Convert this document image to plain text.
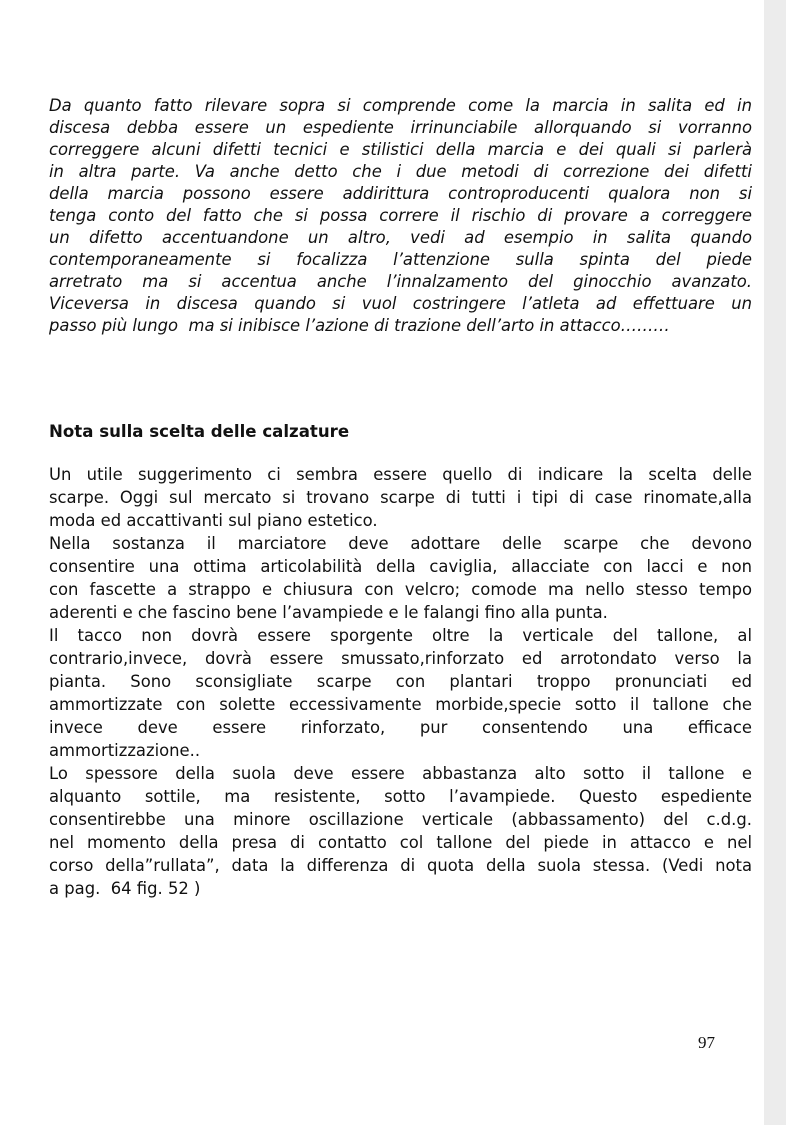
Da quanto fatto rilevare sopra si comprende come la marcia in salita ed in
discesa debba essere un espediente irrinunciabile allorquando si vorranno
correggere alcuni difetti tecnici e stilistici della marcia e dei quali si parlerà
in altra parte. Va anche detto che i due metodi di correzione dei difetti
della marcia possono essere addirittura controproducenti qualora non si
tenga conto del fatto che si possa correre il rischio di provare a correggere
un difetto accentuandone un altro, vedi ad esempio in salita quando
contemporaneamente si focalizza l’attenzione sulla spinta del piede
arretrato ma si accentua anche l’innalzamento del ginocchio avanzato.
Viceversa in discesa quando si vuol costringere l’atleta ad effettuare un
passo più lungo  ma si inibisce l’azione di trazione dell’arto in attacco………
Nota sulla scelta delle calzature
Un utile suggerimento ci sembra essere quello di indicare la scelta delle
scarpe. Oggi sul mercato si trovano scarpe di tutti i tipi di case rinomate,alla
moda ed accattivanti sul piano estetico.
Nella sostanza il marciatore deve adottare delle scarpe che devono
consentire una ottima articolabilità della caviglia, allacciate con lacci e non
con fascette a strappo e chiusura con velcro; comode ma nello stesso tempo
aderenti e che fascino bene l’avampiede e le falangi fino alla punta.
Il tacco non dovrà essere sporgente oltre la verticale del tallone, al
contrario,invece, dovrà essere smussato,rinforzato ed arrotondato verso la
pianta. Sono sconsigliate scarpe con plantari troppo pronunciati ed
ammortizzate con solette eccessivamente morbide,specie sotto il tallone che
invece deve essere rinforzato, pur consentendo una efficace
ammortizzazione..
Lo spessore della suola deve essere abbastanza alto sotto il tallone e
alquanto sottile, ma resistente, sotto l’avampiede. Questo espediente
consentirebbe una minore oscillazione verticale (abbassamento) del c.d.g.
nel momento della presa di contatto col tallone del piede in attacco e nel
corso della”rullata”, data la differenza di quota della suola stessa. (Vedi nota
a pag.  64 fig. 52 )
97
